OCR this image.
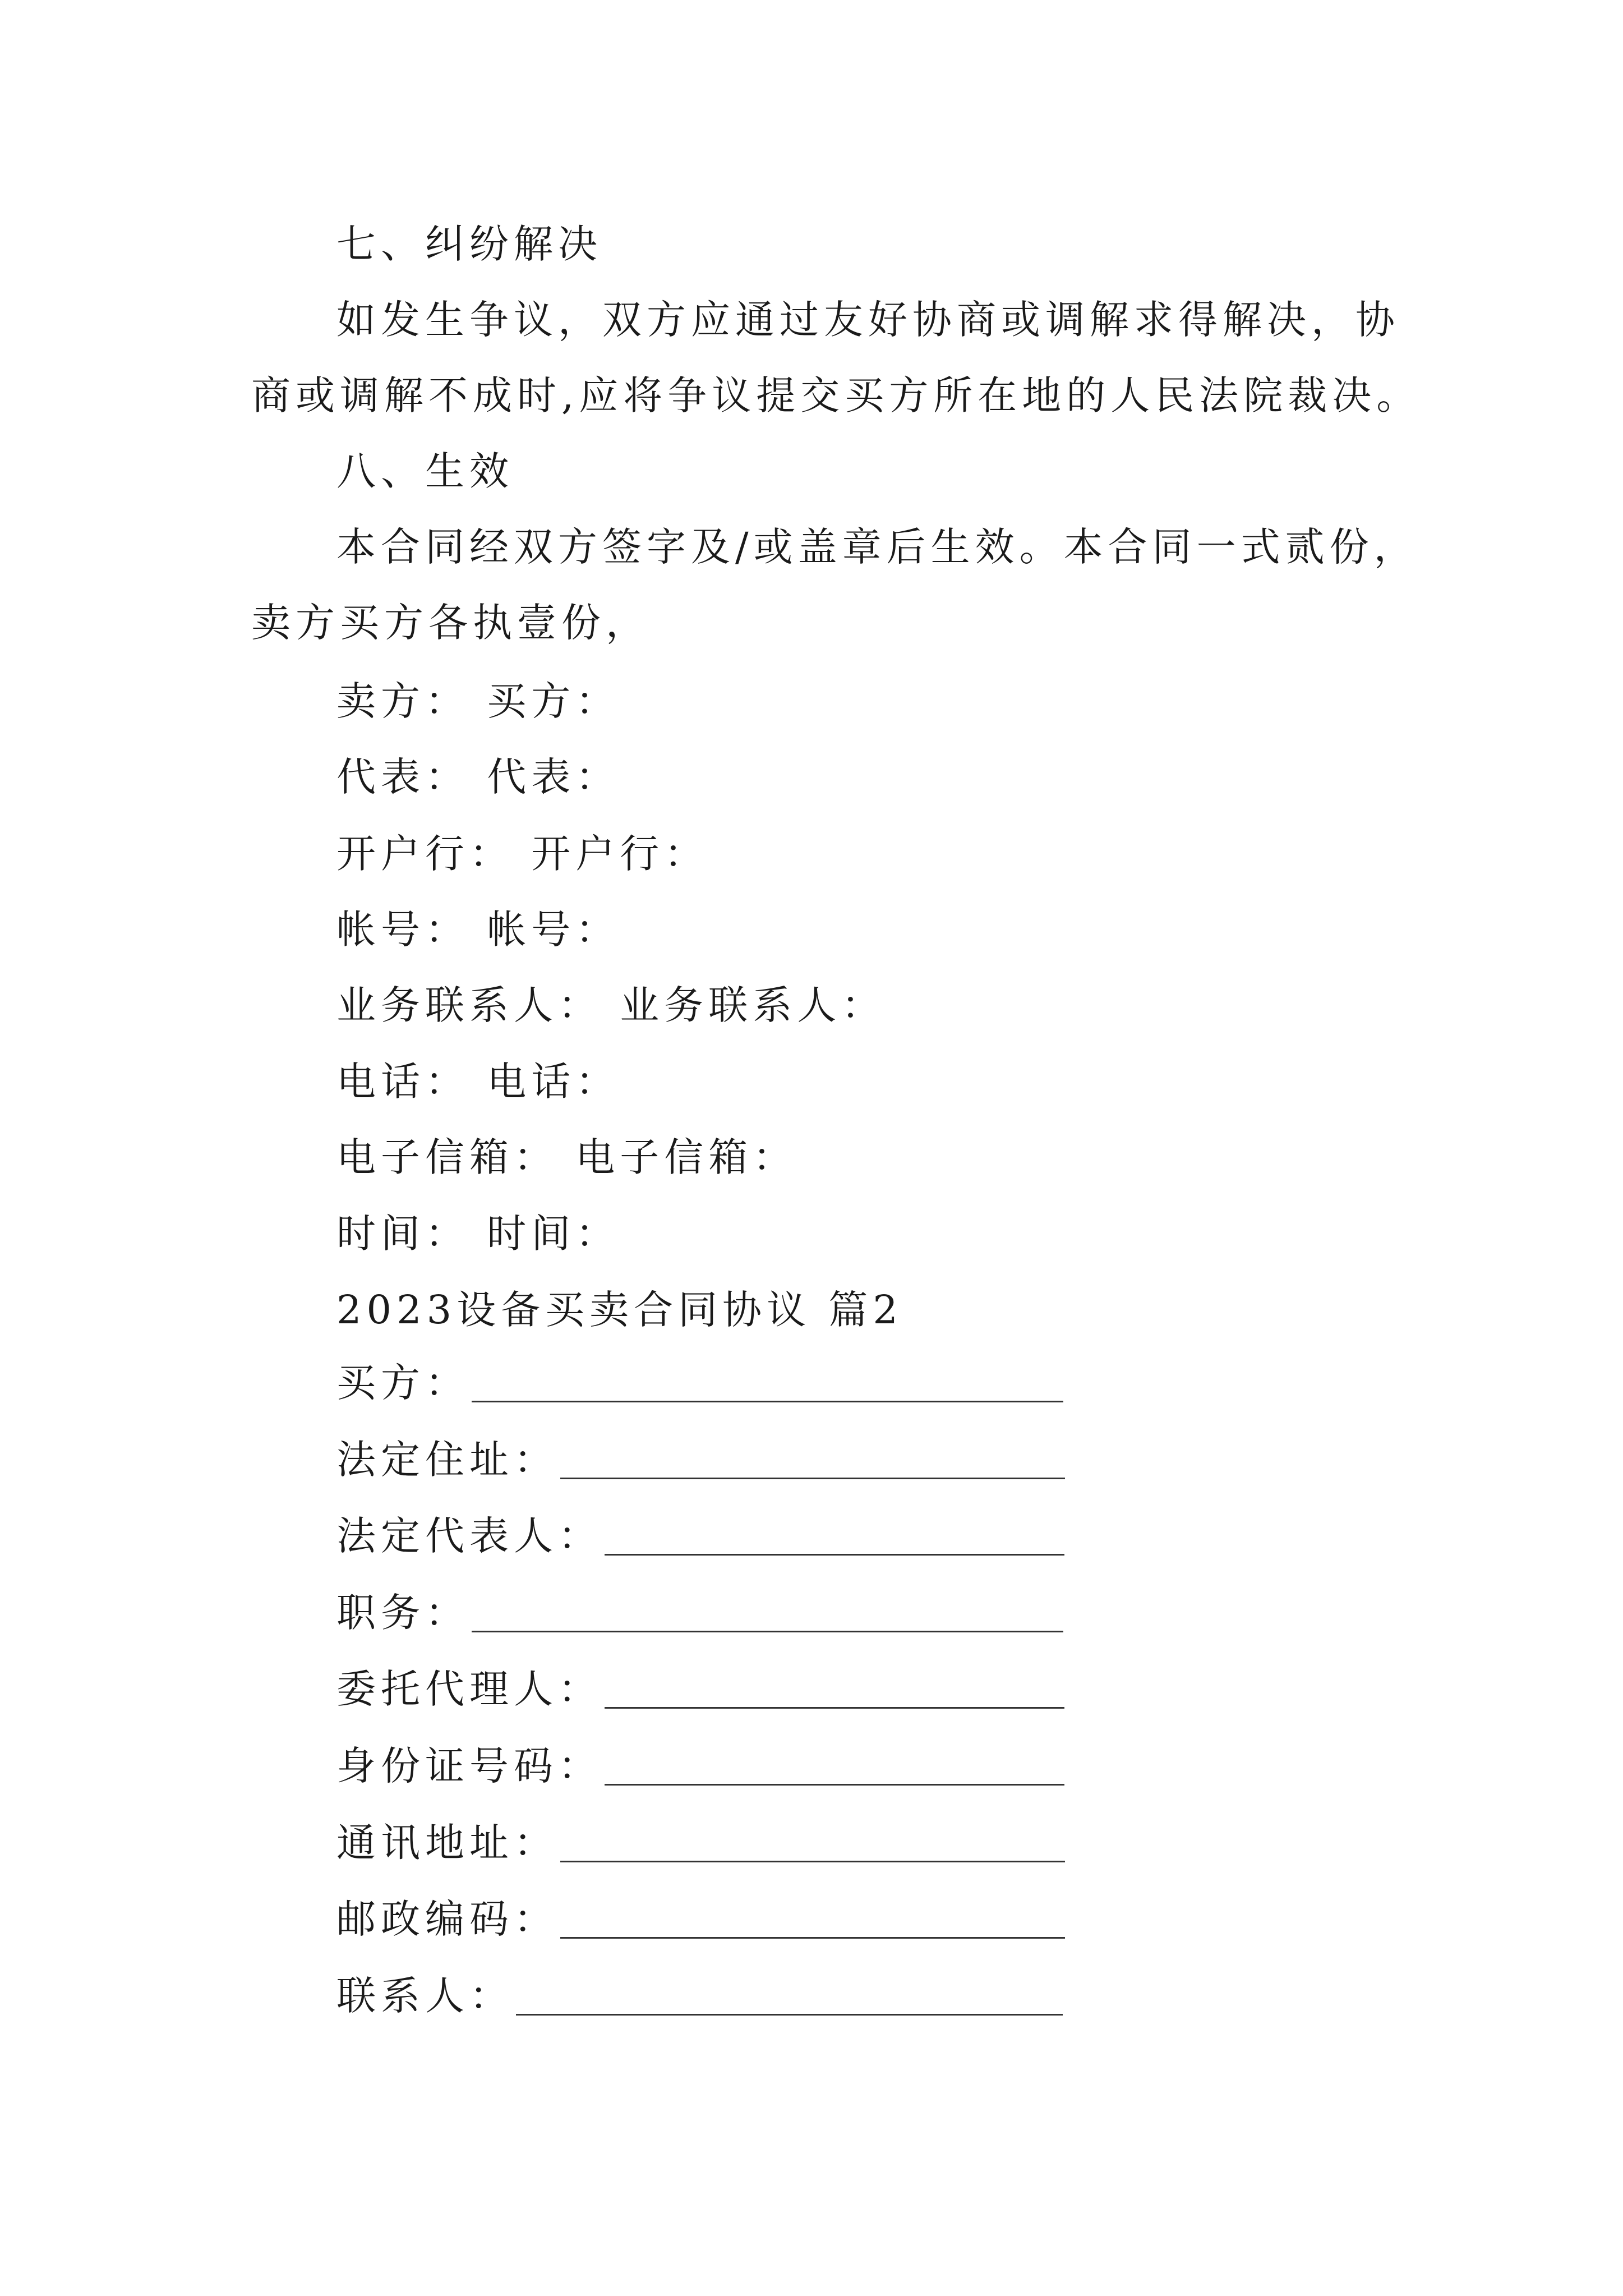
七、纠纷解决
如发生争议，双方应通过友好协商或调解求得解决，协
商或调解不成时,应将争议提交买方所在地的人民法院裁决。
八、生效
本合同经双方签字及/或盖章后生效。本合同一式贰份，
卖方买方各执壹份，
卖方： 买方：
代表： 代表：
开户行： 开户行：
帐号： 帐号：
业务联系人： 业务联系人：
电话： 电话：
电子信箱： 电子信箱：
时间： 时间：
2023设备买卖合同协议 篇2
买方：
法定住址：
法定代表人：
职务：
委托代理人：
身份证号码：
通讯地址：
邮政编码：
联系人：
